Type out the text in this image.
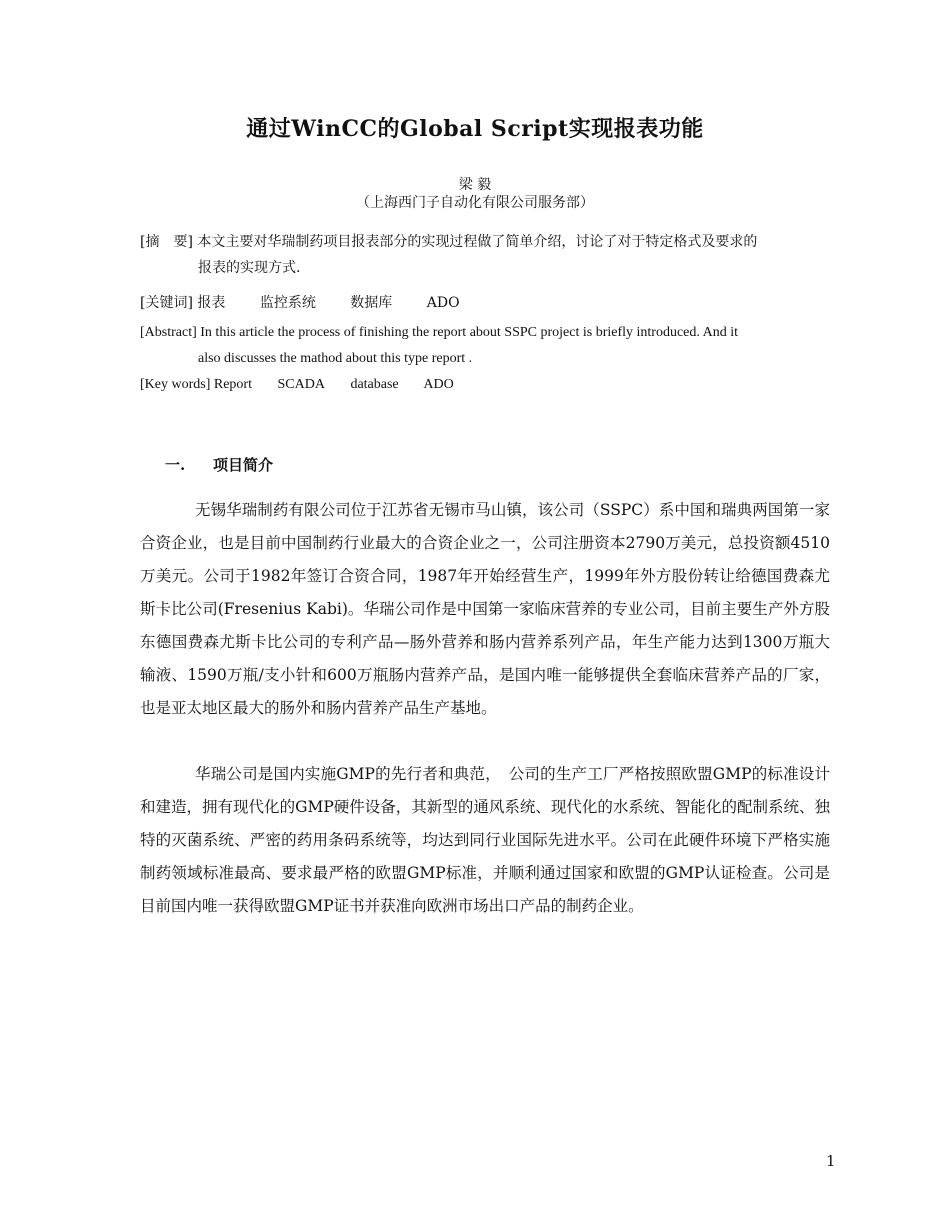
通过WinCC的Global Script实现报表功能
梁 毅
（上海西门子自动化有限公司服务部）
[摘　要] 本文主要对华瑞制药项目报表部分的实现过程做了简单介绍，讨论了对于特定格式及要求的
报表的实现方式.
[关键词] 报表 监控系统 数据库 ADO
[Abstract] In this article the process of finishing the report about SSPC project is briefly introduced. And it
also discusses the mathod about this type report .
[Key words] Report SCADA database ADO
一. 项目简介

无锡华瑞制药有限公司位于江苏省无锡市马山镇，该公司（SSPC）系中国和瑞典两国第一家合资企业，也是目前中国制药行业最大的合资企业之一，公司注册资本2790万美元，总投资额4510万美元。公司于1982年签订合资合同，1987年开始经营生产，1999年外方股份转让给德国费森尤斯卡比公司(Fresenius Kabi)。华瑞公司作是中国第一家临床营养的专业公司，目前主要生产外方股东德国费森尤斯卡比公司的专利产品—肠外营养和肠内营养系列产品，年生产能力达到1300万瓶大输液、1590万瓶/支小针和600万瓶肠内营养产品，是国内唯一能够提供全套临床营养产品的厂家，也是亚太地区最大的肠外和肠内营养产品生产基地。

华瑞公司是国内实施GMP的先行者和典范，　公司的生产工厂严格按照欧盟GMP的标准设计和建造，拥有现代化的GMP硬件设备，其新型的通风系统、现代化的水系统、智能化的配制系统、独特的灭菌系统、严密的药用条码系统等，均达到同行业国际先进水平。公司在此硬件环境下严格实施制药领域标准最高、要求最严格的欧盟GMP标准，并顺利通过国家和欧盟的GMP认证检查。公司是目前国内唯一获得欧盟GMP证书并获准向欧洲市场出口产品的制药企业。

1
